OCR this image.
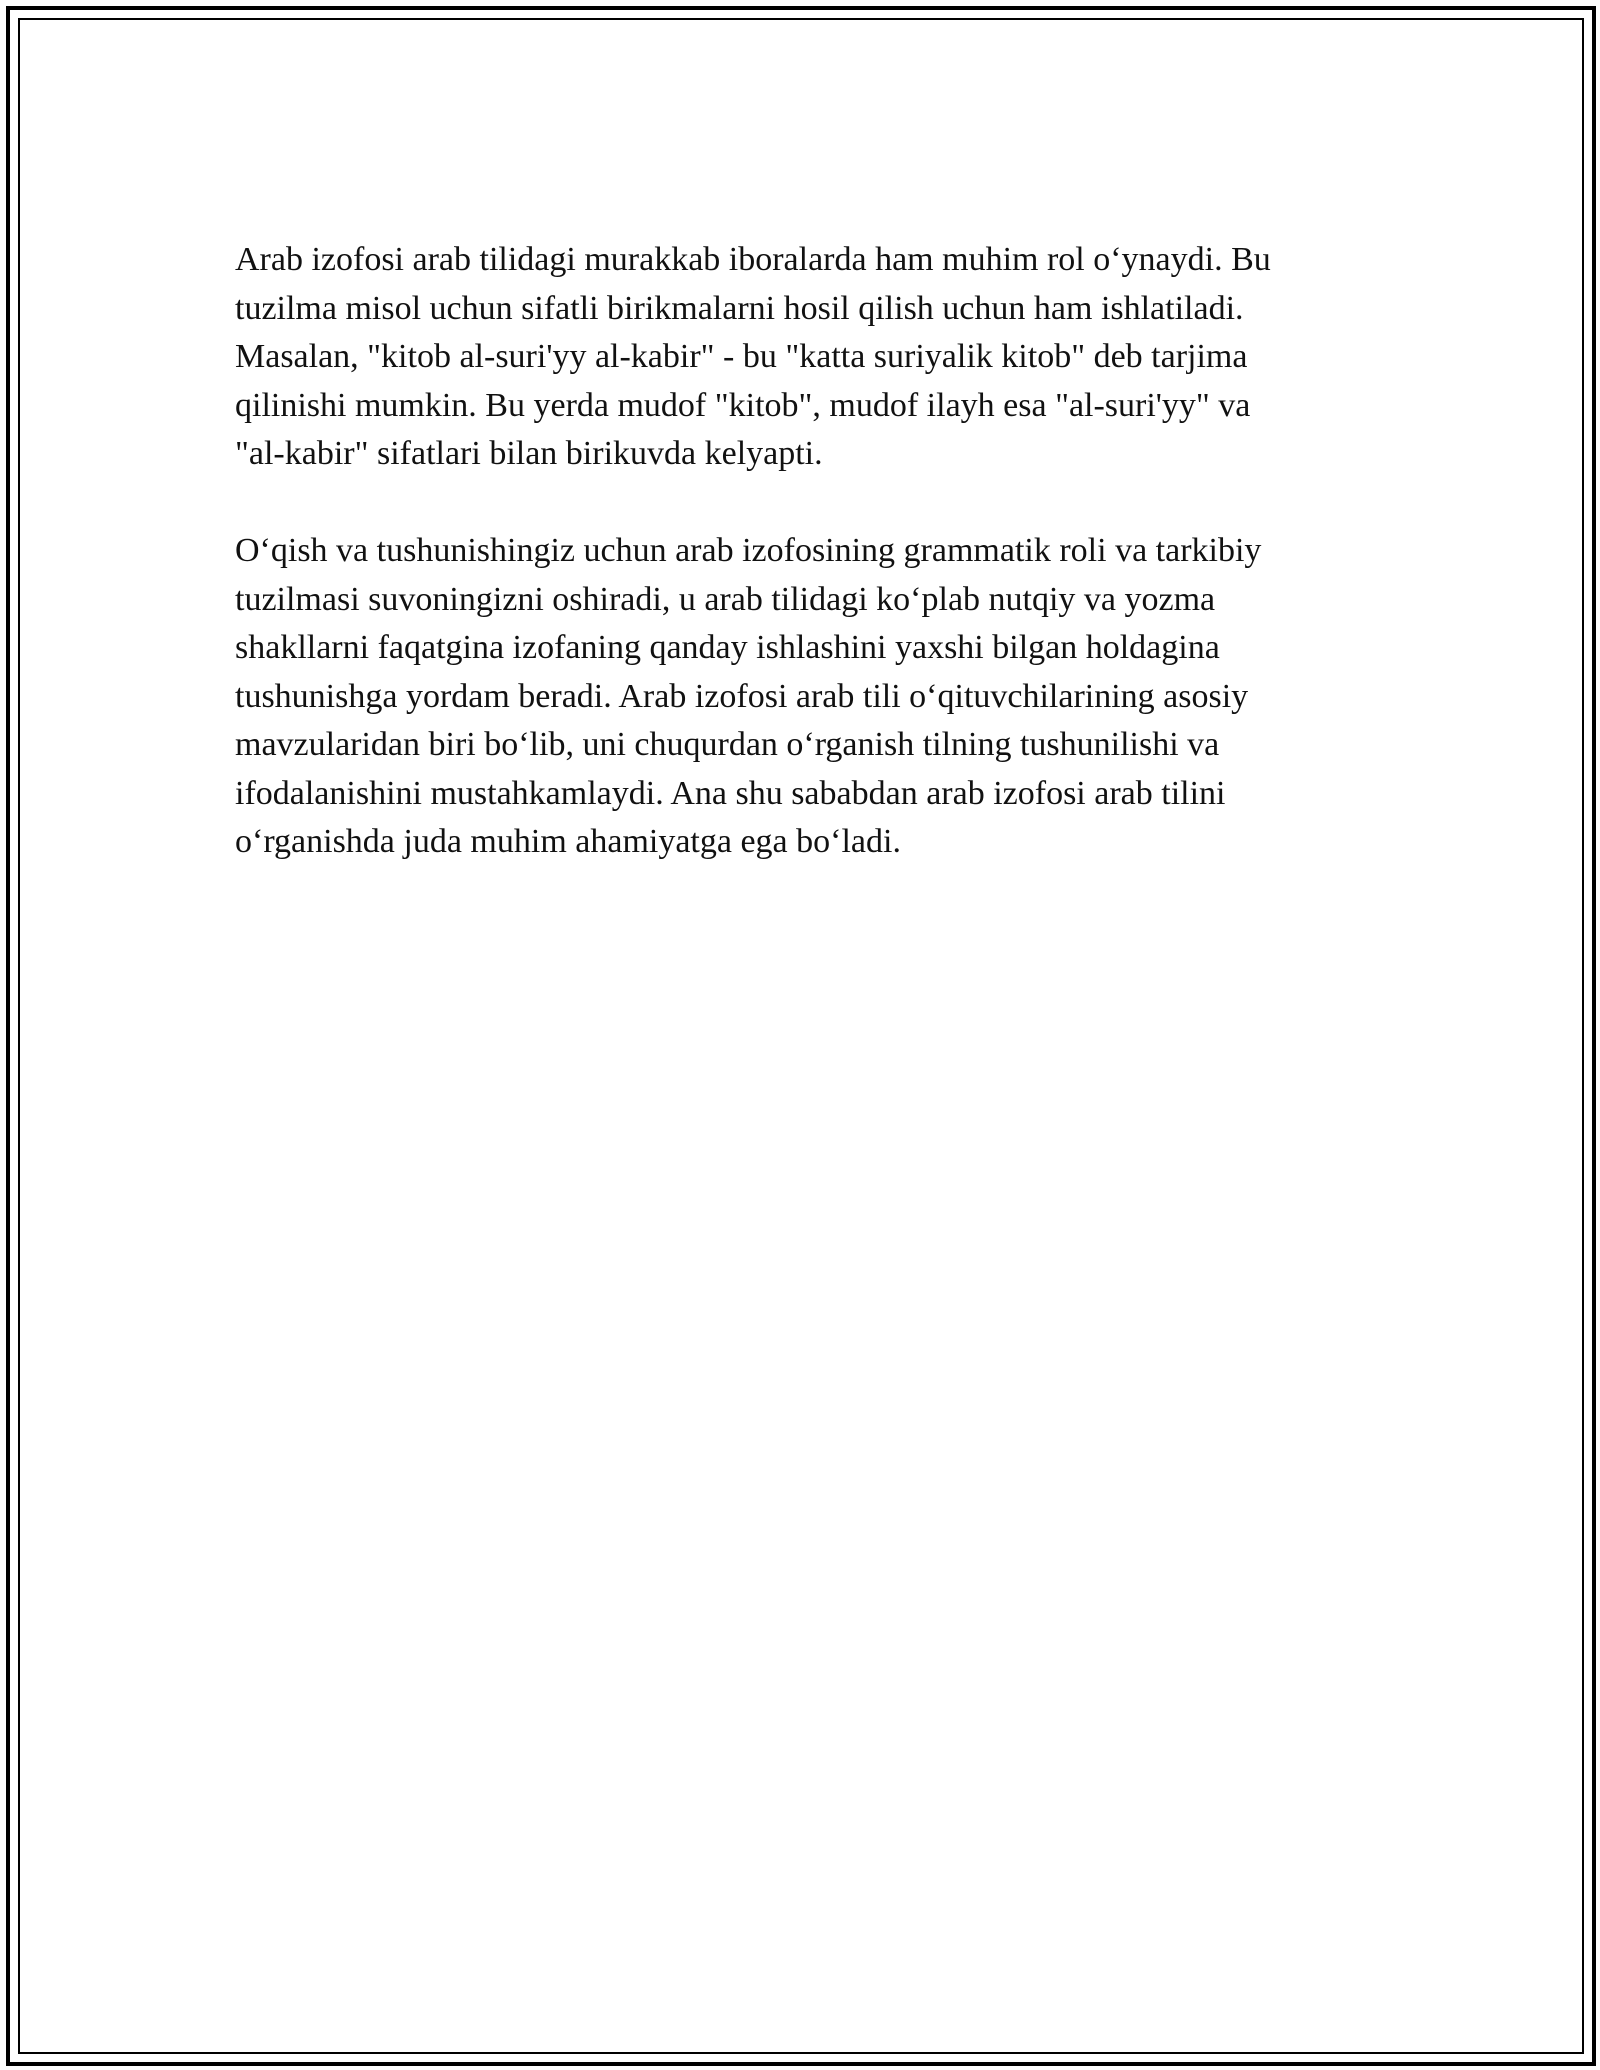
Arab izofosi arab tilidagi murakkab iboralarda ham muhim rol o‘ynaydi. Bu
tuzilma misol uchun sifatli birikmalarni hosil qilish uchun ham ishlatiladi.
Masalan, "kitob al-suri'yy al-kabir" - bu "katta suriyalik kitob" deb tarjima
qilinishi mumkin. Bu yerda mudof "kitob", mudof ilayh esa "al-suri'yy" va
"al-kabir" sifatlari bilan birikuvda kelyapti.

O‘qish va tushunishingiz uchun arab izofosining grammatik roli va tarkibiy
tuzilmasi suvoningizni oshiradi, u arab tilidagi ko‘plab nutqiy va yozma
shakllarni faqatgina izofaning qanday ishlashini yaxshi bilgan holdagina
tushunishga yordam beradi. Arab izofosi arab tili o‘qituvchilarining asosiy
mavzularidan biri bo‘lib, uni chuqurdan o‘rganish tilning tushunilishi va
ifodalanishini mustahkamlaydi. Ana shu sababdan arab izofosi arab tilini
o‘rganishda juda muhim ahamiyatga ega bo‘ladi.
